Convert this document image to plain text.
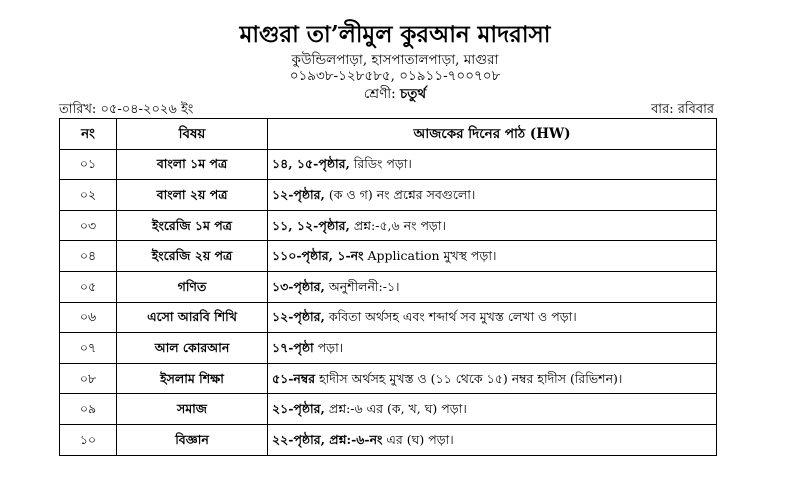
মাগুরা তা’লীমুল কুরআন মাদরাসা
কুউন্ডিলপাড়া, হাসপাতালপাড়া, মাগুরা
০১৯৩৮-১২৮৫৮৫, ০১৯১১-৭০০৭০৮
শ্রেণী: চতুর্থ
তারিখ: ০৫-০৪-২০২৬ ইং	বার: রবিবার
নং	বিষয়	আজকের দিনের পাঠ (HW)
০১	বাংলা ১ম পত্র	১৪, ১৫-পৃষ্ঠার, রিডিং পড়া।
০২	বাংলা ২য় পত্র	১২-পৃষ্ঠার, (ক ও গ) নং প্রশ্নের সবগুলো।
০৩	ইংরেজি ১ম পত্র	১১, ১২-পৃষ্ঠার, প্রশ্ন:-৫,৬ নং পড়া।
০৪	ইংরেজি ২য় পত্র	১১০-পৃষ্ঠার, ১-নং Application মুখস্থ পড়া।
০৫	গণিত	১৩-পৃষ্ঠার, অনুশীলনী:-১।
০৬	এসো আরবি শিখি	১২-পৃষ্ঠার, কবিতা অর্থসহ এবং শব্দার্থ সব মুখস্ত লেখা ও পড়া।
০৭	আল কোরআন	১৭-পৃষ্ঠা পড়া।
০৮	ইসলাম শিক্ষা	৫১-নম্বর হাদীস অর্থসহ মুখস্ত ও (১১ থেকে ১৫) নম্বর হাদীস (রিভিশন)।
০৯	সমাজ	২১-পৃষ্ঠার, প্রশ্ন:-৬ এর (ক, খ, ঘ) পড়া।
১০	বিজ্ঞান	২২-পৃষ্ঠার, প্রশ্ন:-৬-নং এর (ঘ) পড়া।
